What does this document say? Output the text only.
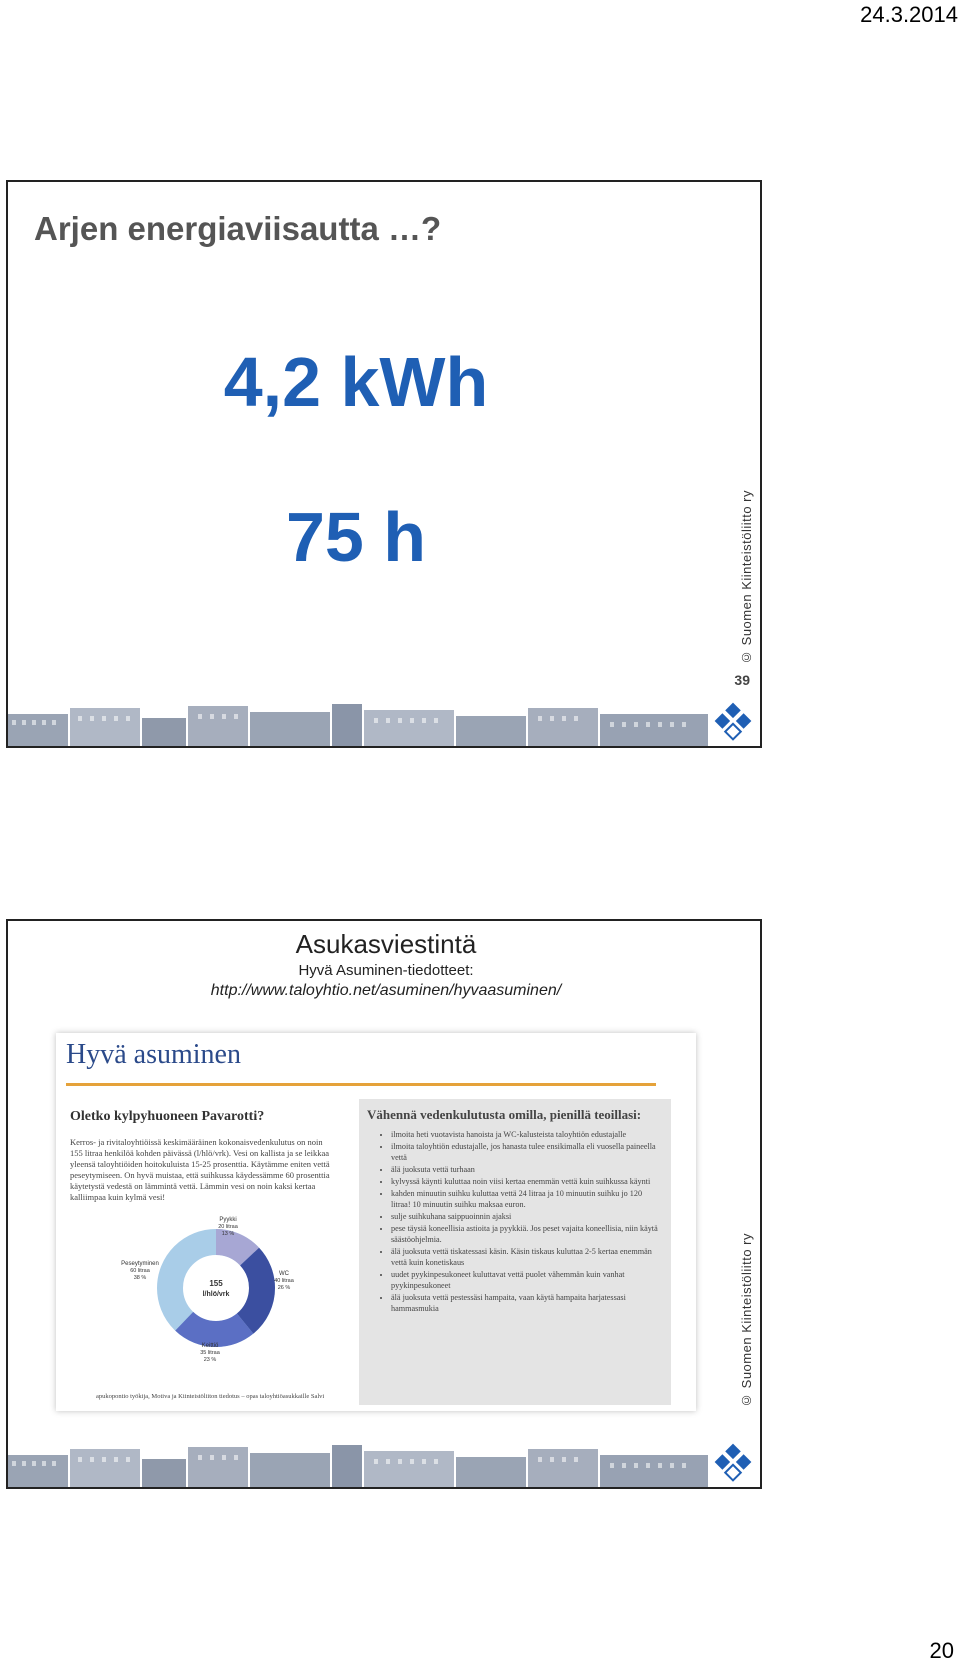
24.3.2014
Arjen energiaviisautta …?
4,2 kWh
75 h	© Suomen Kiinteistöliitto ry
39
Asukasviestintä
Hyvä Asuminen-tiedotteet:
http://www.taloyhtio.net/asuminen/hyvaasuminen/
Hyvä asuminen
Oletko kylpyhuoneen Pavarotti?
Kerros- ja rivitaloyhtiöissä keskimääräinen kokonaisvedenkulutus on noin 155 litraa henkilöä kohden päivässä (l/hlö/vrk). Vesi on kallista ja se leikkaa yleensä taloyhtiöiden hoitokuluista 15-25 prosenttia. Käytämme eniten vettä peseytymiseen. On hyvä muistaa, että suihkussa käydessämme 60 prosenttia käytetystä vedestä on lämmintä vettä. Lämmin vesi on noin kaksi kertaa kalliimpaa kuin kylmä vesi!
155
l/hlö/vrk
Pyykki
20 litraa
13 %
WC
40 litraa
26 %
Keittiö
35 litraa
23 %
Peseytyminen
60 litraa
38 %
Vähennä vedenkulutusta omilla, pienillä teoillasi:
• ilmoita heti vuotavista hanoista ja WC-kalusteista taloyhtiön edustajalle
• ilmoita taloyhtiön edustajalle, jos hanasta tulee ensikimalla eli vuosella paineella vettä
• älä juoksuta vettä turhaan
• kylvyssä käynti kuluttaa noin viisi kertaa enemmän vettä kuin suihkussa käynti
• kahden minuutin suihku kuluttaa vettä 24 litraa ja 10 minuutin suihku jo 120 litraa! 10 minuutin suihku maksaa euron.
• sulje suihkuhana saippuoinnin ajaksi
• pese täysiä koneellisia astioita ja pyykkiä. Jos peset vajaita koneellisia, niin käytä säästöohjelmia.
• älä juoksuta vettä tiskatessasi käsin. Käsin tiskaus kuluttaa 2-5 kertaa enemmän vettä kuin konetiskaus
• uudet pyykinpesukoneet kuluttavat vettä puolet vähemmän kuin vanhat pyykinpesukoneet
• älä juoksuta vettä pestessäsi hampaita, vaan käytä hampaita harjatessasi hammasmukia
apukopontio työkija, Motiva ja Kiinteistöliiton tiedotus – opas taloyhtiöasukkaille Salvi	© Suomen Kiinteistöliitto ry
20
